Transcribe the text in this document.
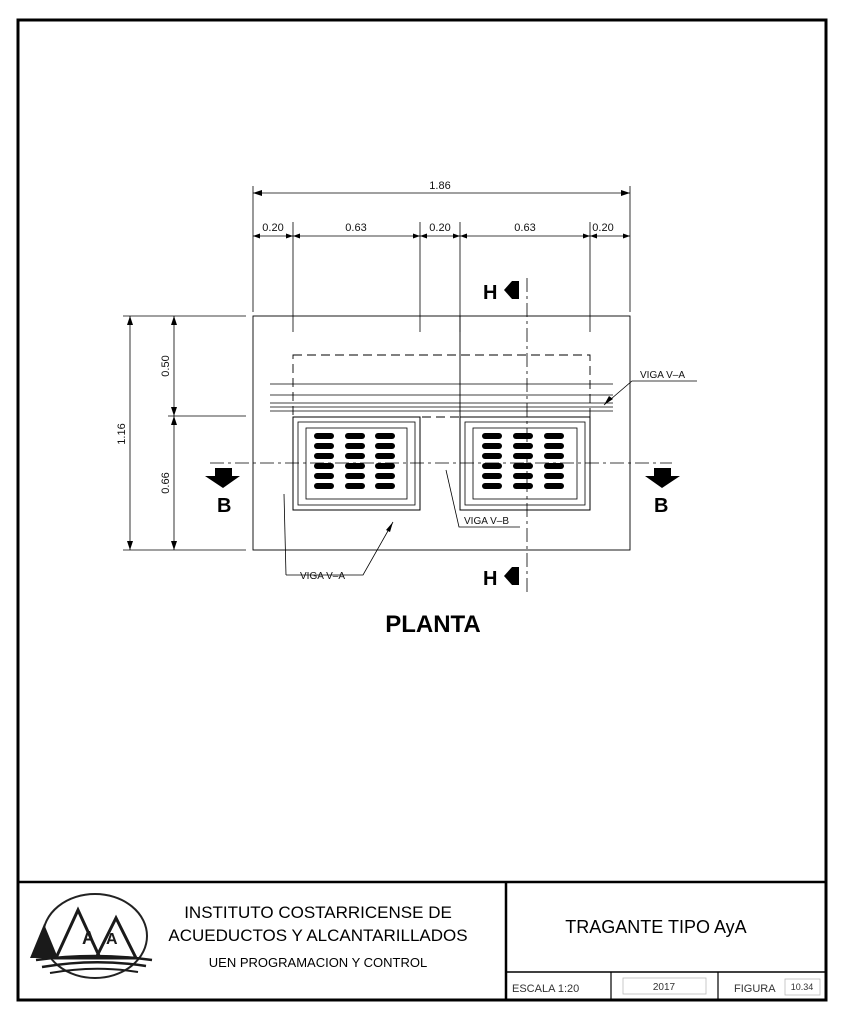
1.86
0.20	0.63	0.20	0.63	0.20
1.16
0.50
0.66
H
H
B	B
VIGA V–A
VIGA V–B
VIGA V–A
PLANTA
A A
INSTITUTO COSTARRICENSE DE
ACUEDUCTOS Y ALCANTARILLADOS
UEN PROGRAMACION Y CONTROL
TRAGANTE TIPO AyA
ESCALA 1:20	2017	FIGURA 10.34
